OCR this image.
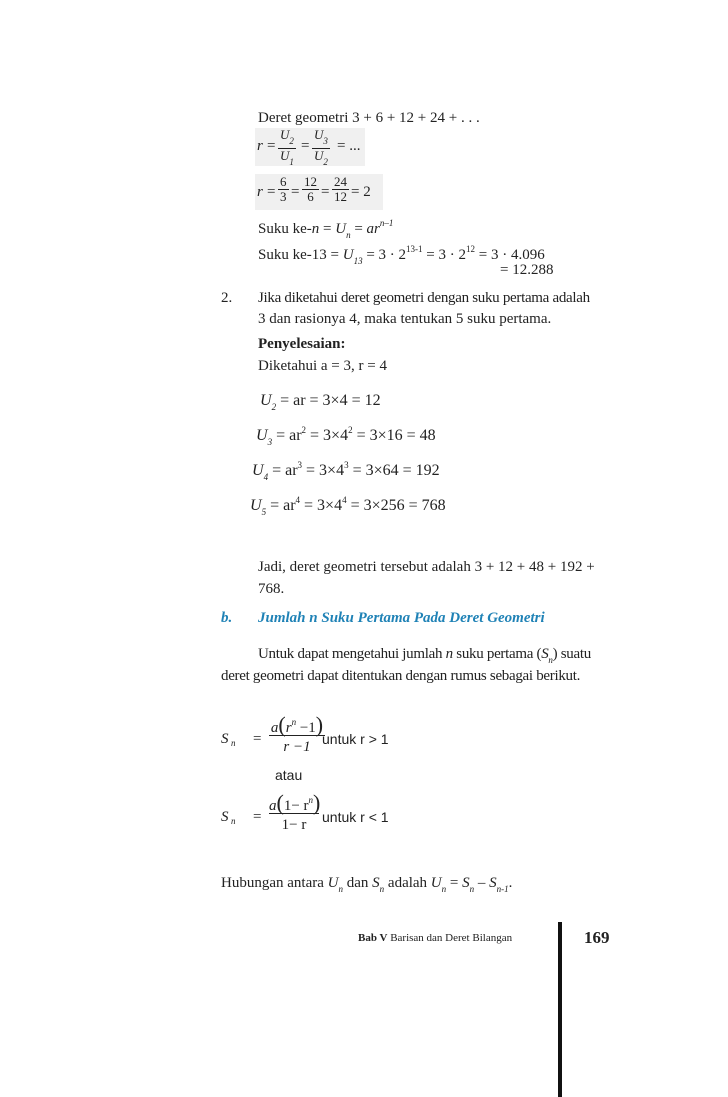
Deret geometri 3 + 6 + 12 + 24 + . . .
$r = \frac{U_2}{U_1} = \frac{U_3}{U_2}$ = ...
$r = \frac{6}{3} = \frac{12}{6} = \frac{24}{12} = 2$
Suku $ke-n = U_n = ar^{n-1}$
Suku $ke-13 = U_{13} = 3 \cdot 2^{13-1} = 3 \cdot 2^{12} = 3 \cdot 4.096$
= 12.288
2. Jika diketahui deret geometri dengan suku pertama adalah
3 dan rasionya 4, maka tentukan 5 suku pertama.
Penyelesaian:
Diketahui a = 3, r = 4
$U_2$ = ar = 3×4 = 12
$U_3 = ar^2 = 3\times 4^2 = 3\times 16 = 48$
$U_4 = ar^3 = 3\times 4^3 = 3\times 64 = 192$
$U_5 = ar^4 = 3\times 4^4 = 3\times 256 = 768$
Jadi, deret geometri tersebut adalah 3 + 12 + 48 + 192 +
768.
b. Jumlah n Suku Pertama Pada Deret Geometri
Untuk dapat mengetahui jumlah n suku pertama $(S_n)$ suatu
deret geometri dapat ditentukan dengan rumus sebagai berikut.
S n =
$a(r^n -1)$
r −1 untuk r > 1
atau
S n =
$a(1- r^n)$
1− r	untuk r < 1
Hubungan antara $U_n$ dan $S_n$ adalah $U_n = S_n - S_{n-1}$.
Bab V Barisan dan Deret Bilangan	169
